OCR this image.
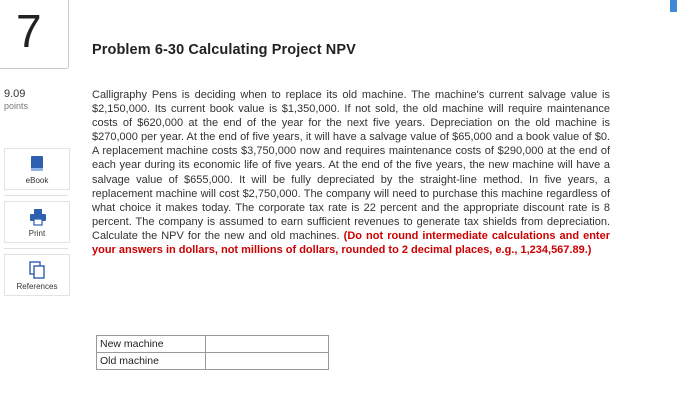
7
9.09
points
eBook
Print
References
Problem 6-30 Calculating Project NPV
Calligraphy Pens is deciding when to replace its old machine. The machine's current salvage value is $2,150,000. Its current book value is $1,350,000. If not sold, the old machine will require maintenance costs of $620,000 at the end of the year for the next five years. Depreciation on the old machine is $270,000 per year. At the end of five years, it will have a salvage value of $65,000 and a book value of $0. A replacement machine costs $3,750,000 now and requires maintenance costs of $290,000 at the end of each year during its economic life of five years. At the end of the five years, the new machine will have a salvage value of $655,000. It will be fully depreciated by the straight-line method. In five years, a replacement machine will cost $2,750,000. The company will need to purchase this machine regardless of what choice it makes today. The corporate tax rate is 22 percent and the appropriate discount rate is 8 percent. The company is assumed to earn sufficient revenues to generate tax shields from depreciation. Calculate the NPV for the new and old machines. (Do not round intermediate calculations and enter your answers in dollars, not millions of dollars, rounded to 2 decimal places, e.g., 1,234,567.89.)
New machine	
Old machine	
